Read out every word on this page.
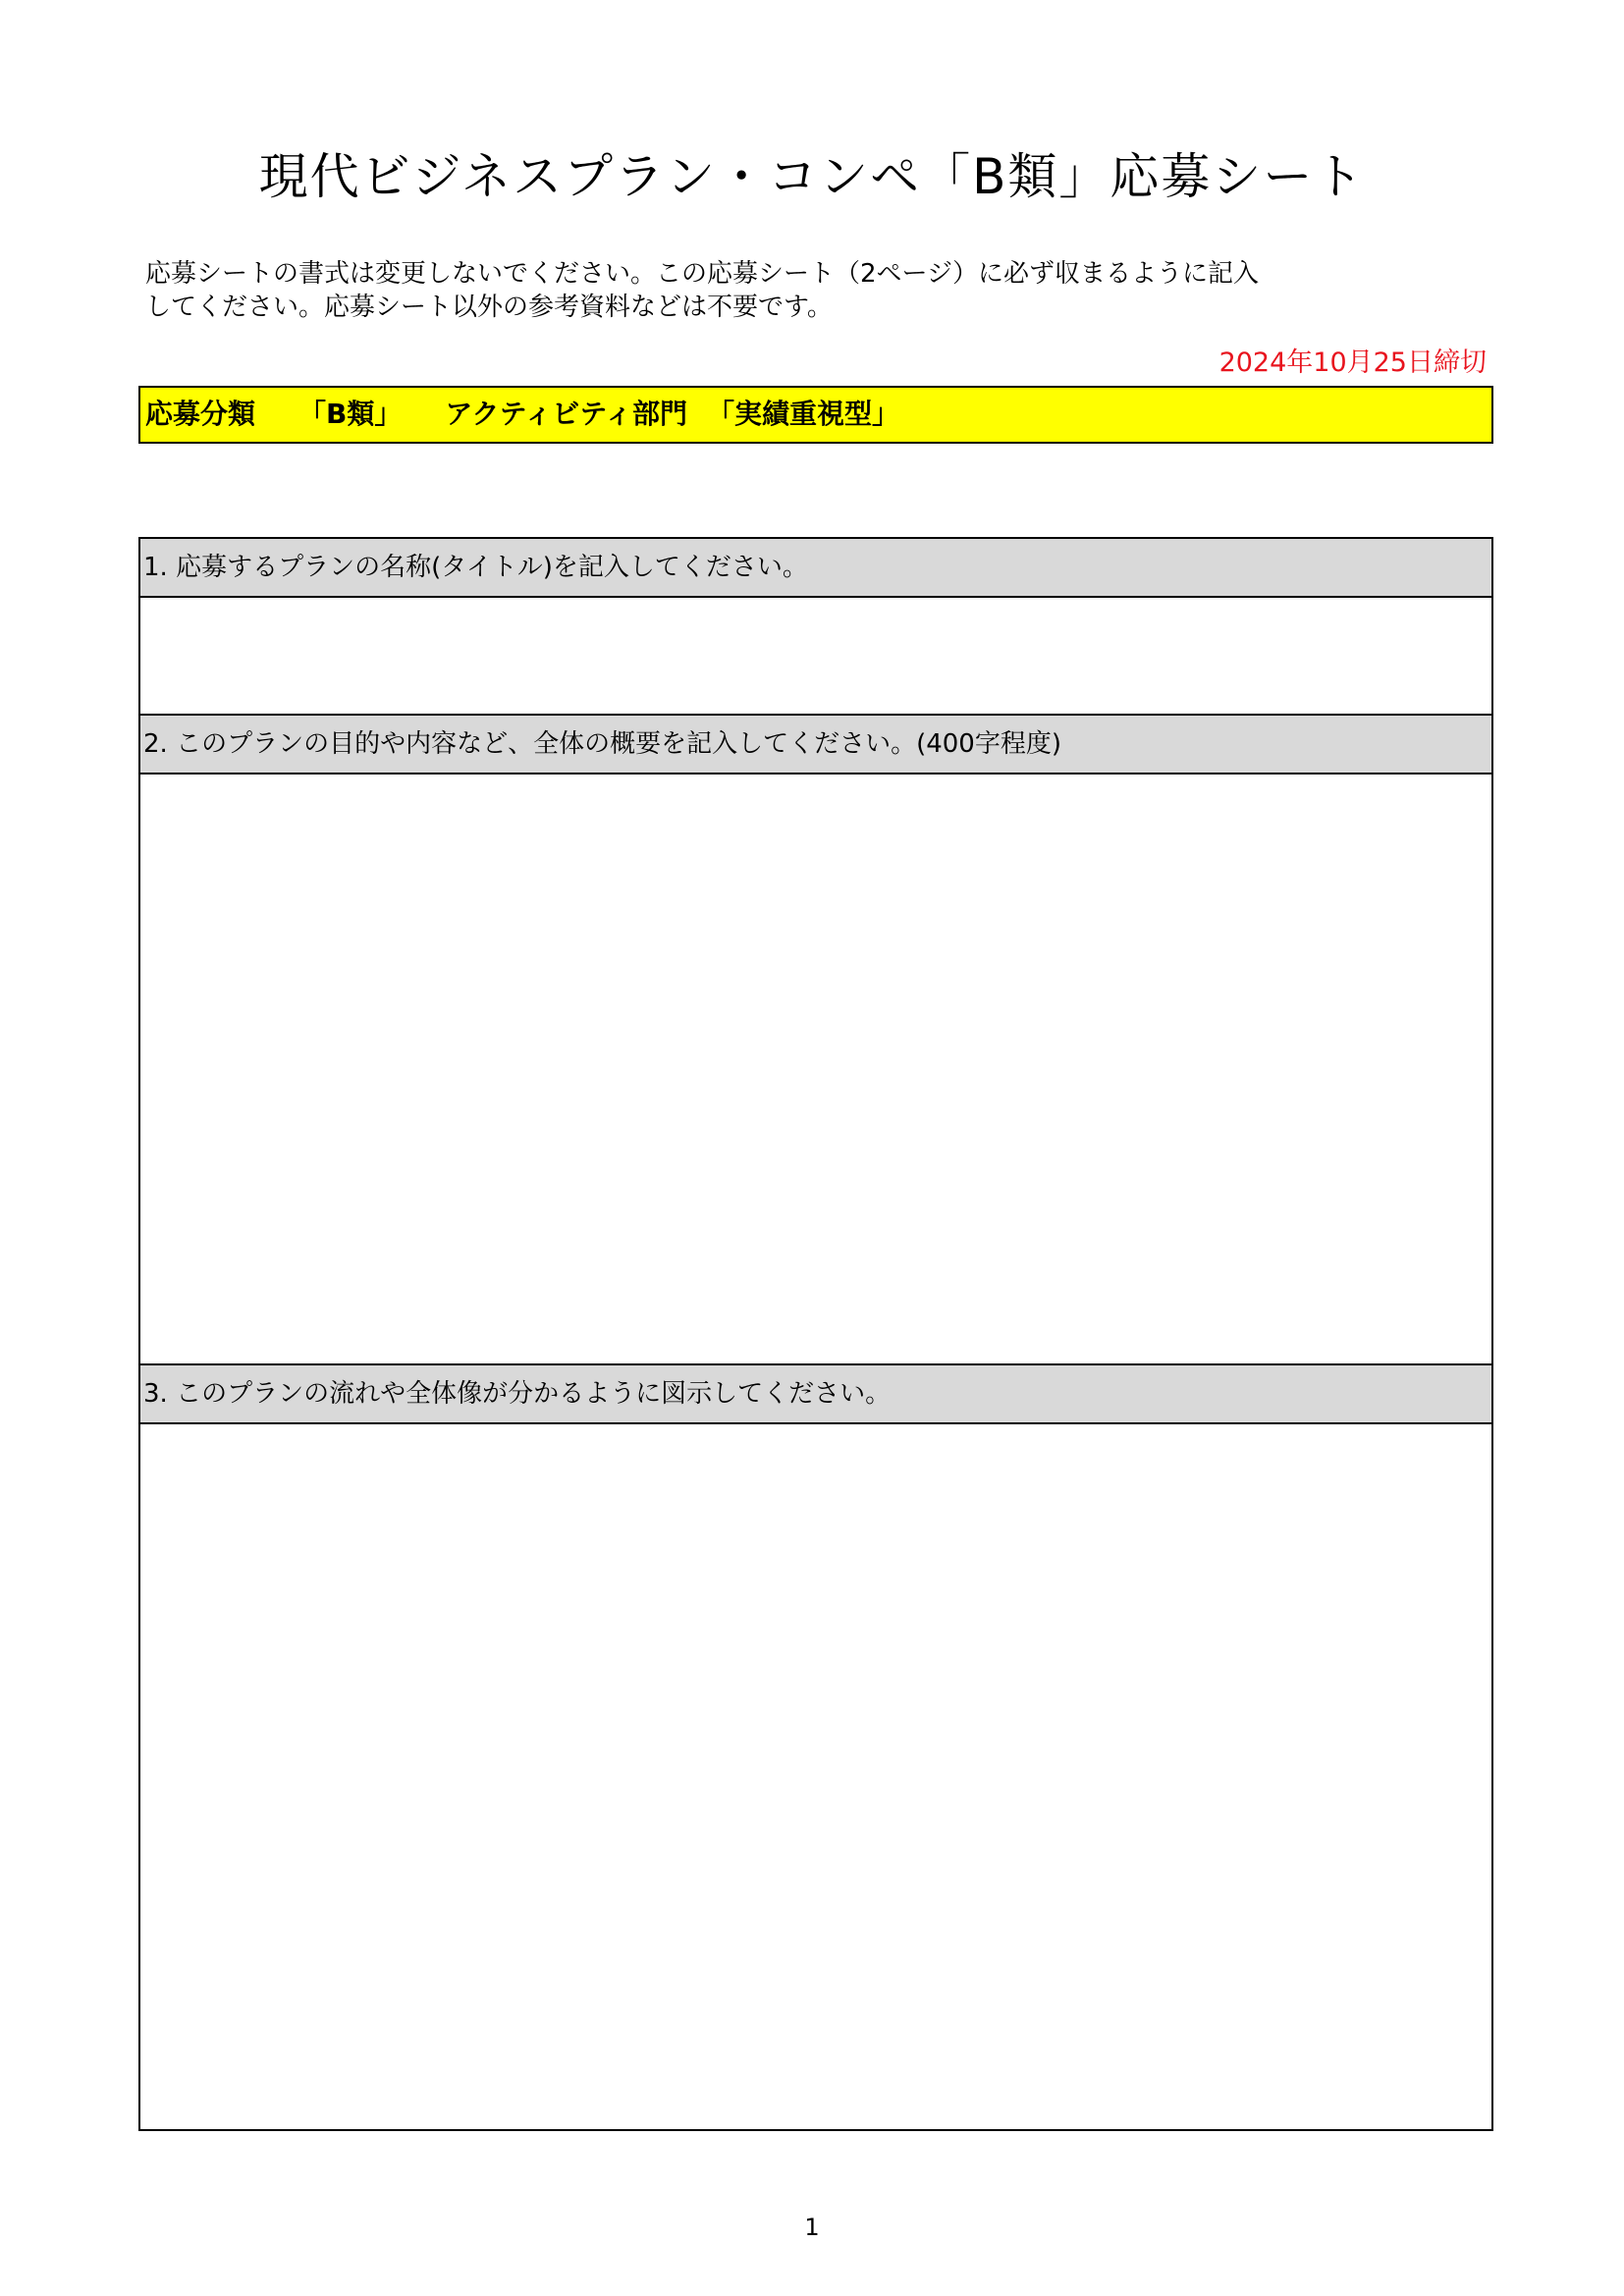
現代ビジネスプラン・コンペ「B類」応募シート
応募シートの書式は変更しないでください。この応募シート（2ページ）に必ず収まるように記入
してください。応募シート以外の参考資料などは不要です。
2024年10月25日締切
応募分類 「B類」 アクティビティ部門 「実績重視型」
1. 応募するプランの名称(タイトル)を記入してください。
2. このプランの目的や内容など、全体の概要を記入してください。(400字程度)
3. このプランの流れや全体像が分かるように図示してください。
1
